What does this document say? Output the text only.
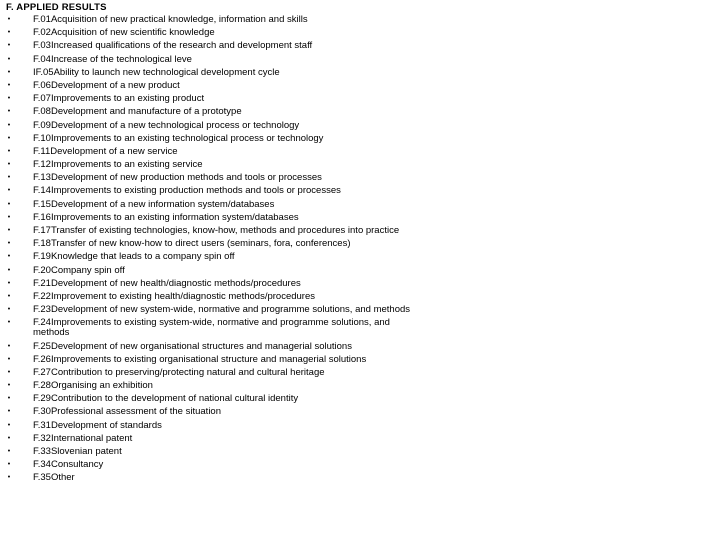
F. APPLIED RESULTS
• F.01Acquisition of new practical knowledge, information and skills
• F.02Acquisition of new scientific knowledge
• F.03Increased qualifications of the research and development staff
• F.04Increase of the technological leve
• IF.05Ability to launch new technological development cycle
• F.06Development of a new product
• F.07Improvements to an existing product
• F.08Development and manufacture of a prototype
• F.09Development of a new technological process or technology
• F.10Improvements to an existing technological process or technology
• F.11Development of a new service
• F.12Improvements to an existing service
• F.13Development of new production methods and tools or processes
• F.14Improvements to existing production methods and tools or processes
• F.15Development of a new information system/databases
• F.16Improvements to an existing information system/databases
• F.17Transfer of existing technologies, know-how, methods and procedures into practice
• F.18Transfer of new know-how to direct users (seminars, fora, conferences)
• F.19Knowledge that leads to a company spin off
• F.20Company spin off
• F.21Development of new health/diagnostic methods/procedures
• F.22Improvement to existing health/diagnostic methods/procedures
• F.23Development of new system-wide, normative and programme solutions, and methods
• F.24Improvements to existing system-wide, normative and programme solutions, and methods
• F.25Development of new organisational structures and managerial solutions
• F.26Improvements to existing organisational structure and managerial solutions
• F.27Contribution to preserving/protecting natural and cultural heritage
• F.28Organising an exhibition
• F.29Contribution to the development of national cultural identity
• F.30Professional assessment of the situation
• F.31Development of standards
• F.32International patent
• F.33Slovenian patent
• F.34Consultancy
• F.35Other
